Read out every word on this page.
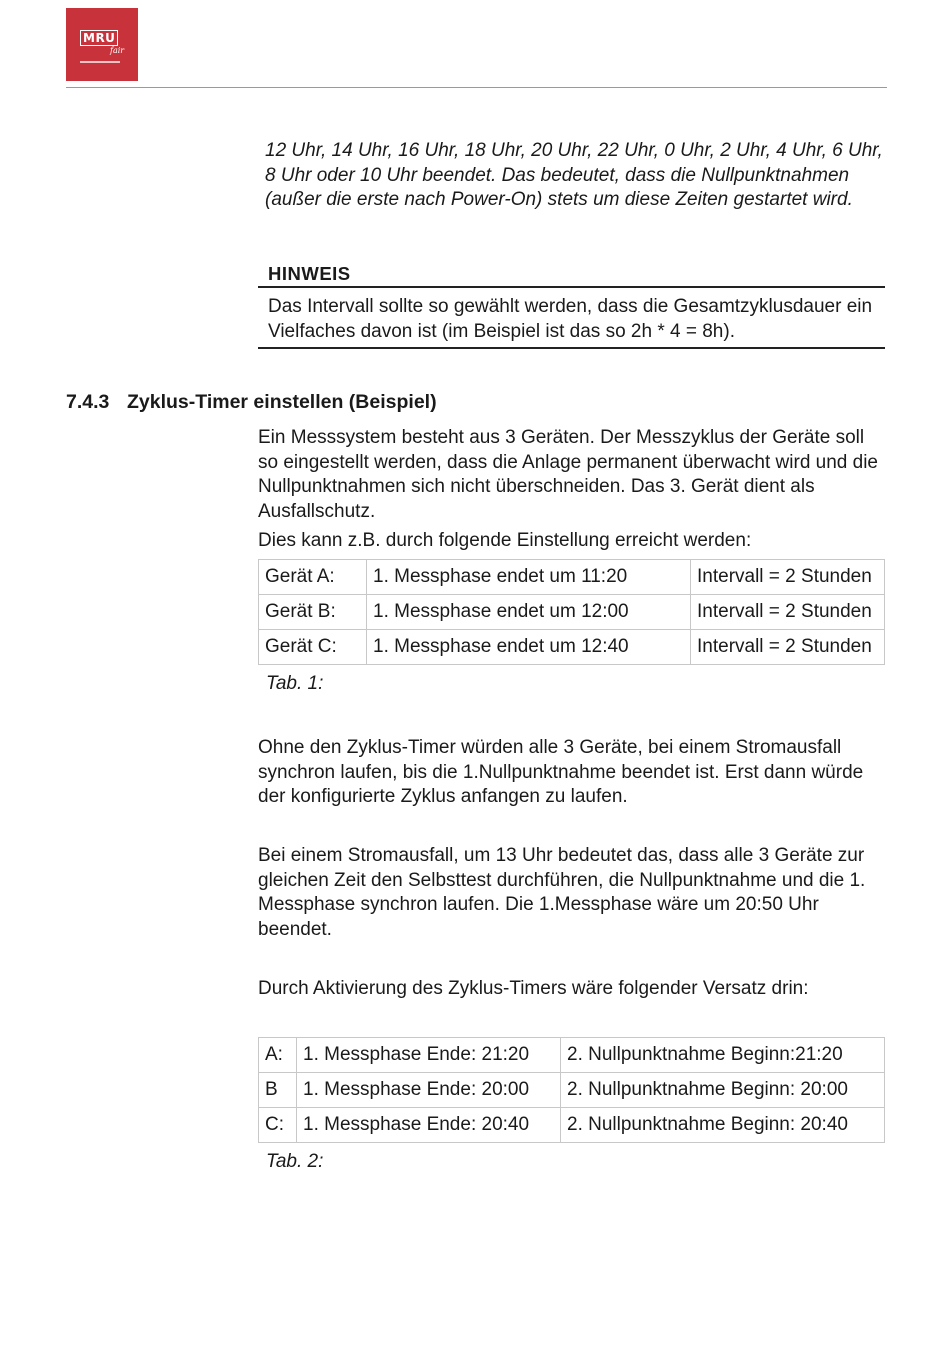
MRU
fair

12 Uhr, 14 Uhr, 16 Uhr, 18 Uhr, 20 Uhr, 22 Uhr, 0 Uhr, 2 Uhr, 4 Uhr, 6 Uhr, 8 Uhr oder 10 Uhr beendet. Das bedeutet, dass die Nullpunktnahmen (außer die erste nach Power-On) stets um diese Zeiten gestartet wird.

HINWEIS

Das Intervall sollte so gewählt werden, dass die Gesamtzyklusdauer ein Vielfaches davon ist (im Beispiel ist das so 2h * 4 = 8h).

7.4.3 Zyklus-Timer einstellen (Beispiel)

Ein Messsystem besteht aus 3 Geräten. Der Messzyklus der Geräte soll so eingestellt werden, dass die Anlage permanent überwacht wird und die Nullpunktnahmen sich nicht überschneiden. Das 3. Gerät dient als Ausfallschutz.

Dies kann z.B. durch folgende Einstellung erreicht werden:

Gerät A:	1. Messphase endet um 11:20	Intervall = 2 Stunden
Gerät B:	1. Messphase endet um 12:00	Intervall = 2 Stunden
Gerät C:	1. Messphase endet um 12:40	Intervall = 2 Stunden
Tab. 1:

Ohne den Zyklus-Timer würden alle 3 Geräte, bei einem Stromausfall synchron laufen, bis die 1.Nullpunktnahme beendet ist. Erst dann würde der konfigurierte Zyklus anfangen zu laufen.

Bei einem Stromausfall, um 13 Uhr bedeutet das, dass alle 3 Geräte zur gleichen Zeit den Selbsttest durchführen, die Nullpunktnahme und die 1. Messphase synchron laufen. Die 1.Messphase wäre um 20:50 Uhr beendet.

Durch Aktivierung des Zyklus-Timers wäre folgender Versatz drin:

A:	1. Messphase Ende: 21:20	2. Nullpunktnahme Beginn:21:20
B	1. Messphase Ende: 20:00	2. Nullpunktnahme Beginn: 20:00
C:	1. Messphase Ende: 20:40	2. Nullpunktnahme Beginn: 20:40
Tab. 2:
